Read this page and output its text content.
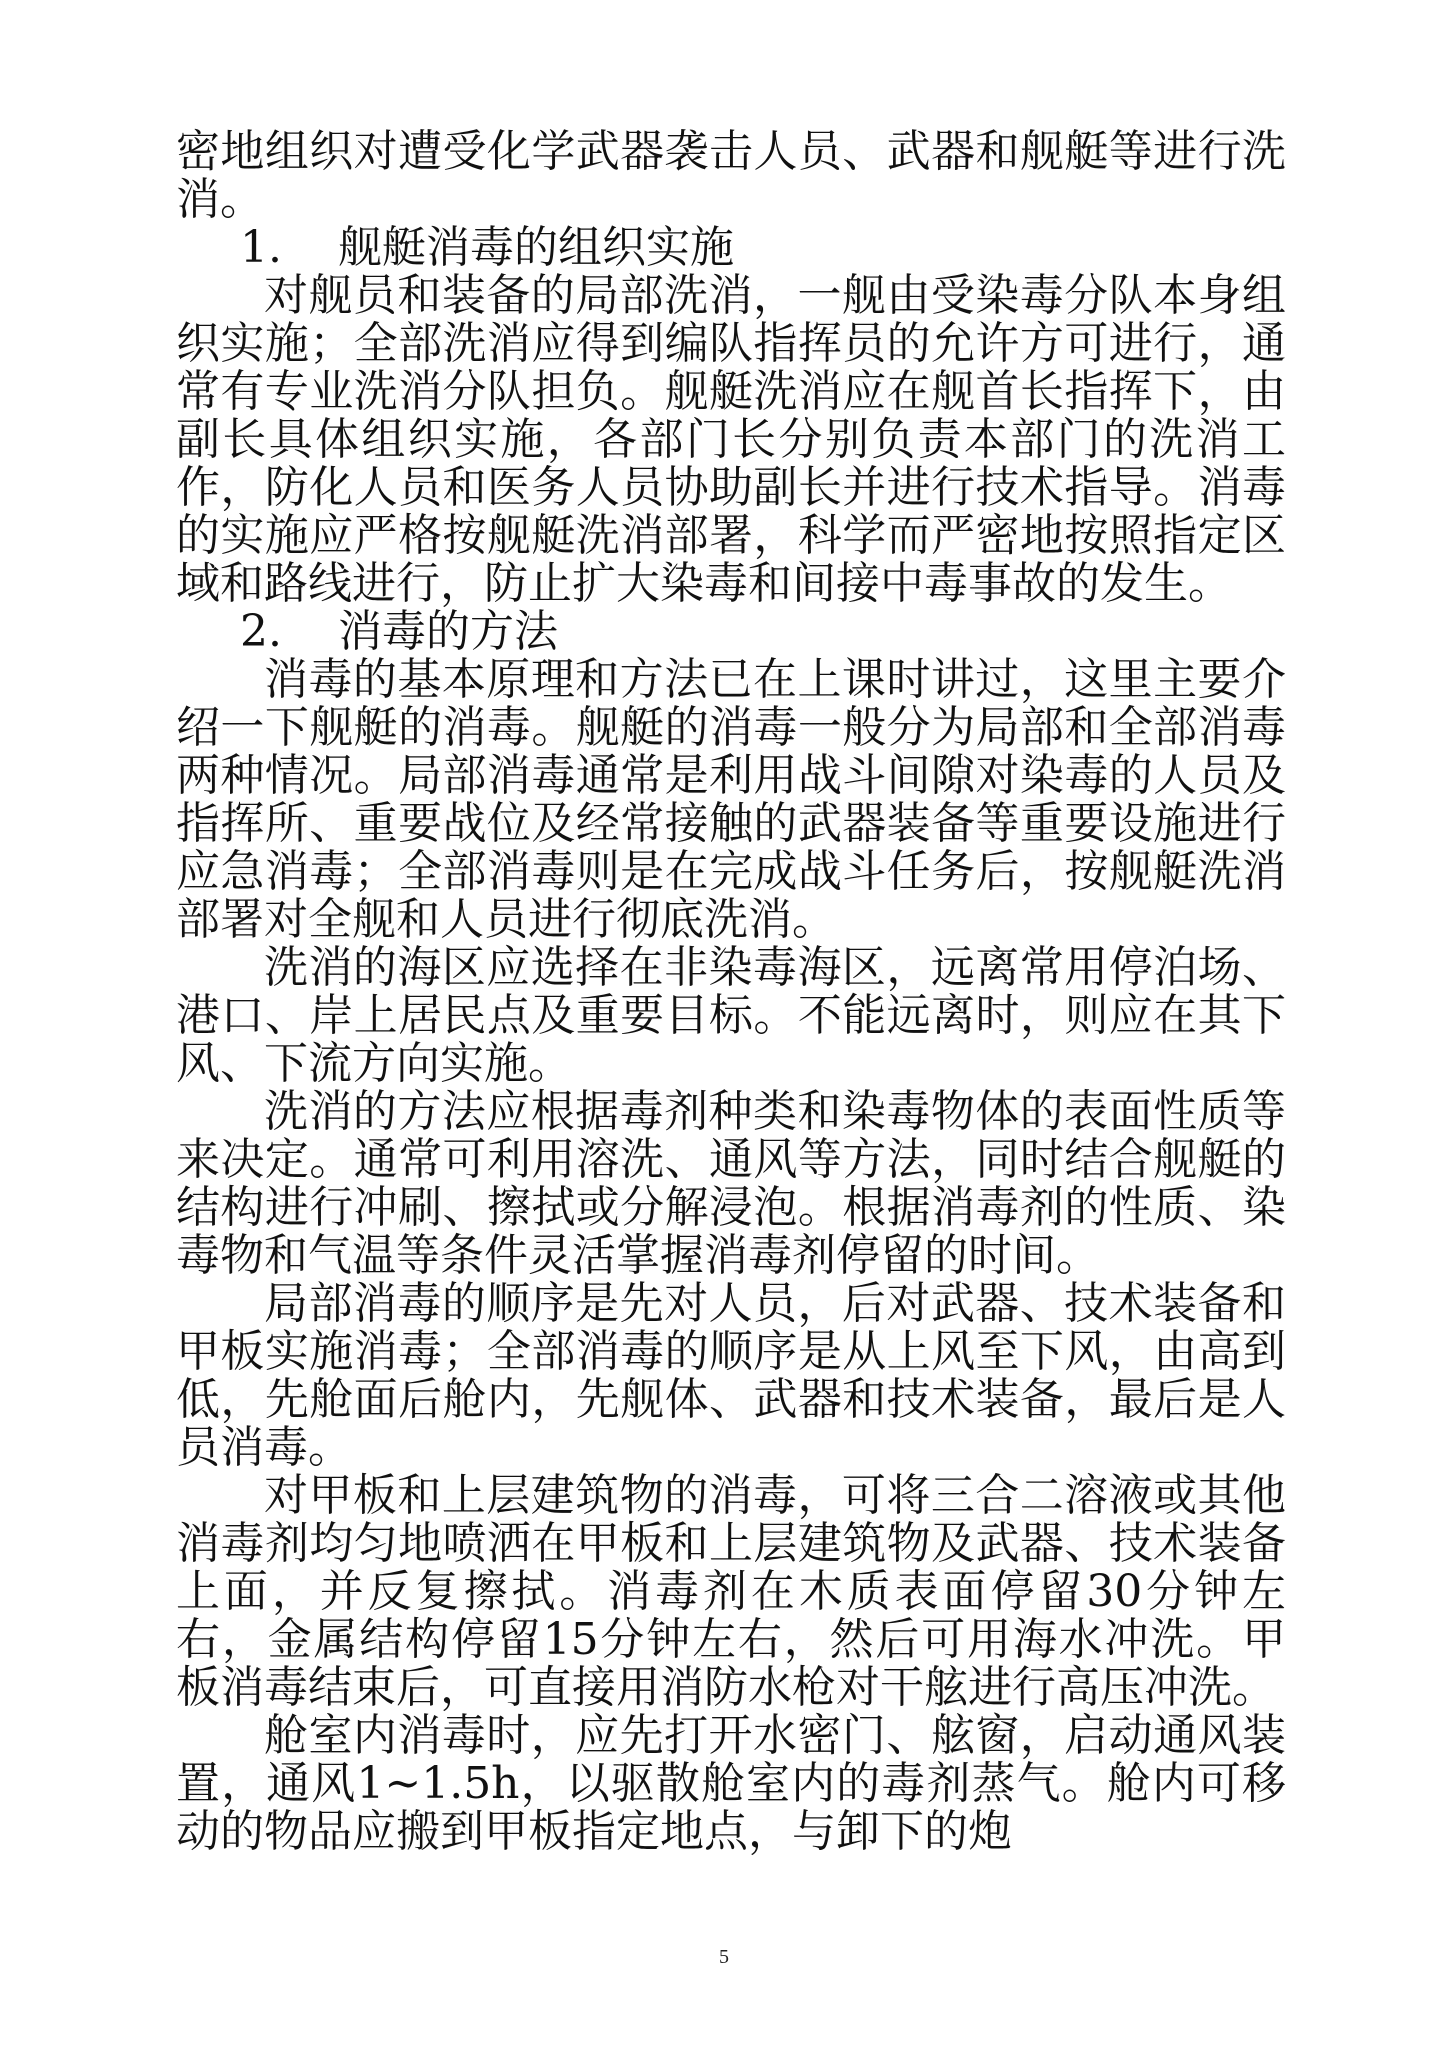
密地组织对遭受化学武器袭击人员、武器和舰艇等进行洗消。

1. 舰艇消毒的组织实施

对舰员和装备的局部洗消，一舰由受染毒分队本身组织实施；全部洗消应得到编队指挥员的允许方可进行，通常有专业洗消分队担负。舰艇洗消应在舰首长指挥下，由副长具体组织实施，各部门长分别负责本部门的洗消工作，防化人员和医务人员协助副长并进行技术指导。消毒的实施应严格按舰艇洗消部署，科学而严密地按照指定区域和路线进行，防止扩大染毒和间接中毒事故的发生。

2. 消毒的方法

消毒的基本原理和方法已在上课时讲过，这里主要介绍一下舰艇的消毒。舰艇的消毒一般分为局部和全部消毒两种情况。局部消毒通常是利用战斗间隙对染毒的人员及指挥所、重要战位及经常接触的武器装备等重要设施进行应急消毒；全部消毒则是在完成战斗任务后，按舰艇洗消部署对全舰和人员进行彻底洗消。

洗消的海区应选择在非染毒海区，远离常用停泊场、港口、岸上居民点及重要目标。不能远离时，则应在其下风、下流方向实施。

洗消的方法应根据毒剂种类和染毒物体的表面性质等来决定。通常可利用溶洗、通风等方法，同时结合舰艇的结构进行冲刷、擦拭或分解浸泡。根据消毒剂的性质、染毒物和气温等条件灵活掌握消毒剂停留的时间。

局部消毒的顺序是先对人员，后对武器、技术装备和甲板实施消毒；全部消毒的顺序是从上风至下风，由高到低，先舱面后舱内，先舰体、武器和技术装备，最后是人员消毒。

对甲板和上层建筑物的消毒，可将三合二溶液或其他消毒剂均匀地喷洒在甲板和上层建筑物及武器、技术装备上面，并反复擦拭。消毒剂在木质表面停留30分钟左右，金属结构停留15分钟左右，然后可用海水冲洗。甲板消毒结束后，可直接用消防水枪对干舷进行高压冲洗。

舱室内消毒时，应先打开水密门、舷窗，启动通风装置，通风1~1.5h，以驱散舱室内的毒剂蒸气。舱内可移动的物品应搬到甲板指定地点，与卸下的炮

5
